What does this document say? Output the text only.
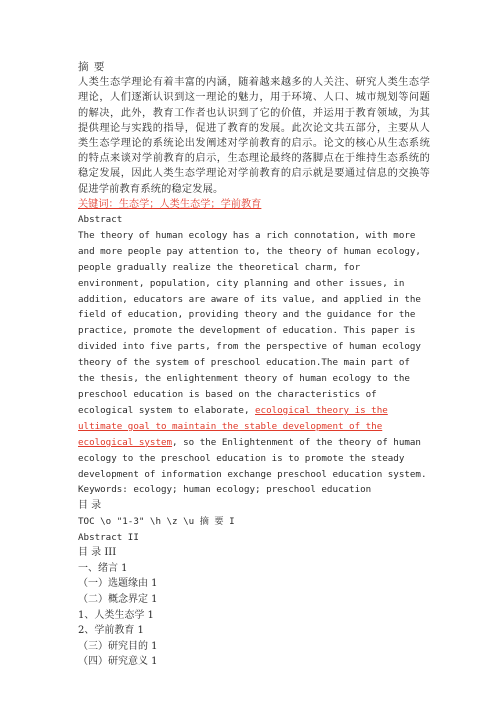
摘 要
人类生态学理论有着丰富的内涵，随着越来越多的人关注、研究人类生态学理论，人们逐渐认识到这一理论的魅力，用于环境、人口、城市规划等问题的解决，此外，教育工作者也认识到了它的价值，并运用于教育领域，为其提供理论与实践的指导，促进了教育的发展。此次论文共五部分，主要从人类生态学理论的系统论出发阐述对学前教育的启示。论文的核心从生态系统的特点来谈对学前教育的启示，生态理论最终的落脚点在于维持生态系统的稳定发展，因此人类生态学理论对学前教育的启示就是要通过信息的交换等促进学前教育系统的稳定发展。
关键词：生态学；人类生态学；学前教育
Abstract
The theory of human ecology has a rich connotation, with more and more people pay attention to, the theory of human ecology, people gradually realize the theoretical charm, for environment, population, city planning and other issues, in addition, educators are aware of its value, and applied in the field of education, providing theory and the guidance for the practice, promote the development of education. This paper is divided into five parts, from the perspective of human ecology theory of the system of preschool education.The main part of the thesis, the enlightenment theory of human ecology to the preschool education is based on the characteristics of ecological system to elaborate, ecological theory is the ultimate goal to maintain the stable development of the ecological system, so the Enlightenment of the theory of human ecology to the preschool education is to promote the steady development of information exchange preschool education system.
Keywords: ecology; human ecology; preschool education
目 录
TOC \o "1-3" \h \z \u 摘 要 I
Abstract II
目 录 III
一、绪言 1
（一）选题缘由 1
（二）概念界定 1
1、人类生态学 1
2、学前教育 1
（三）研究目的 1
（四）研究意义 1
